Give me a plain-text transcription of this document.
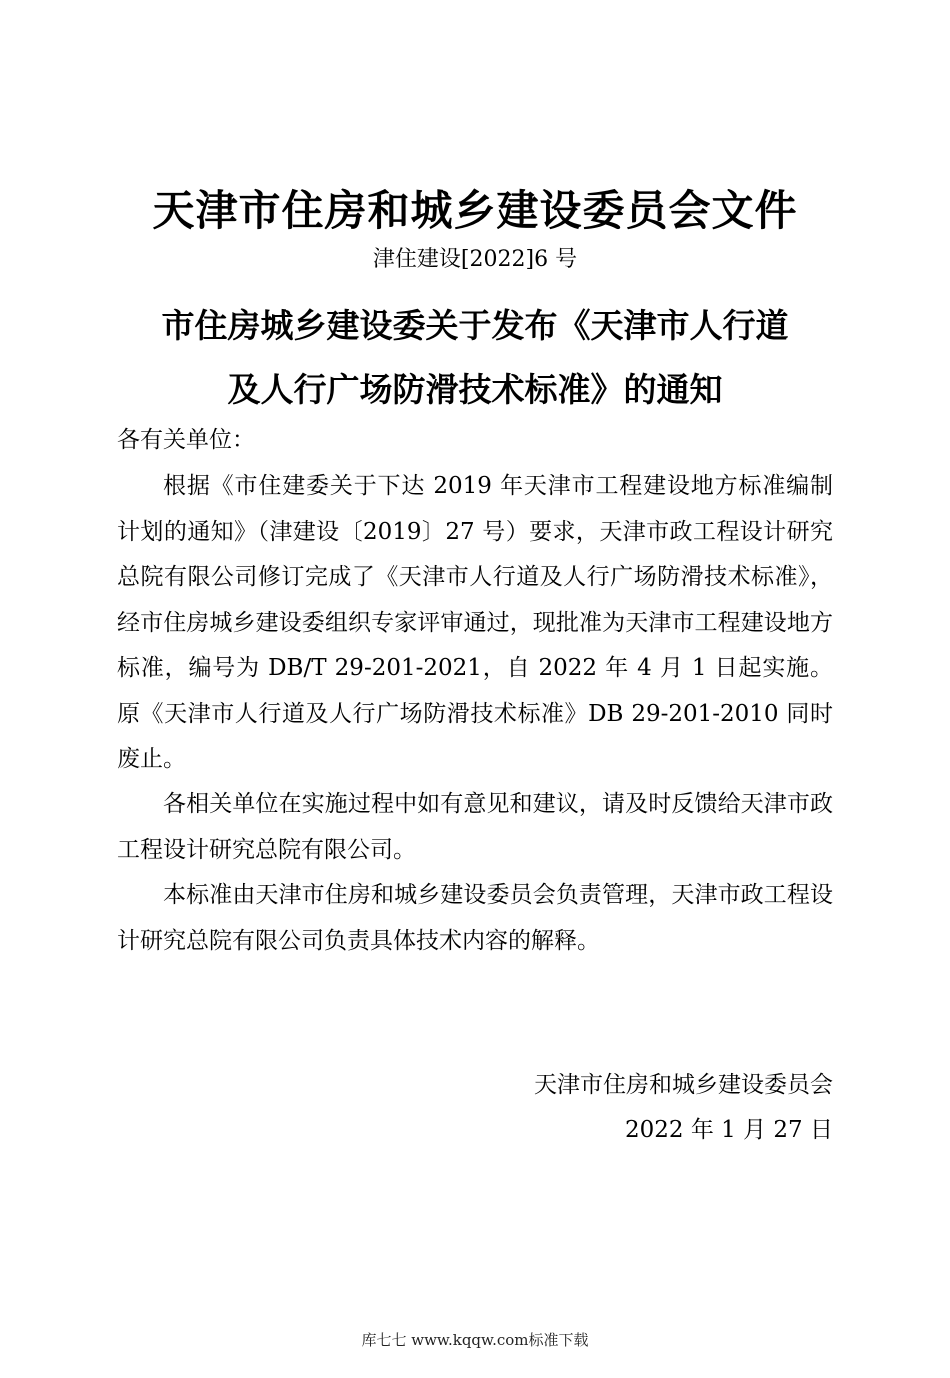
天津市住房和城乡建设委员会文件
津住建设[2022]6 号
市住房城乡建设委关于发布《天津市人行道
及人行广场防滑技术标准》的通知
各有关单位：
根据《市住建委关于下达 2019 年天津市工程建设地方标准编制计划的通知》（津建设〔2019〕27 号）要求，天津市政工程设计研究总院有限公司修订完成了《天津市人行道及人行广场防滑技术标准》，经市住房城乡建设委组织专家评审通过，现批准为天津市工程建设地方标准，编号为 DB/T 29-201-2021，自 2022 年 4 月 1 日起实施。原《天津市人行道及人行广场防滑技术标准》DB 29-201-2010 同时废止。
各相关单位在实施过程中如有意见和建议，请及时反馈给天津市政工程设计研究总院有限公司。
本标准由天津市住房和城乡建设委员会负责管理，天津市政工程设计研究总院有限公司负责具体技术内容的解释。
天津市住房和城乡建设委员会
2022 年 1 月 27 日
库七七 www.kqqw.com标准下载
